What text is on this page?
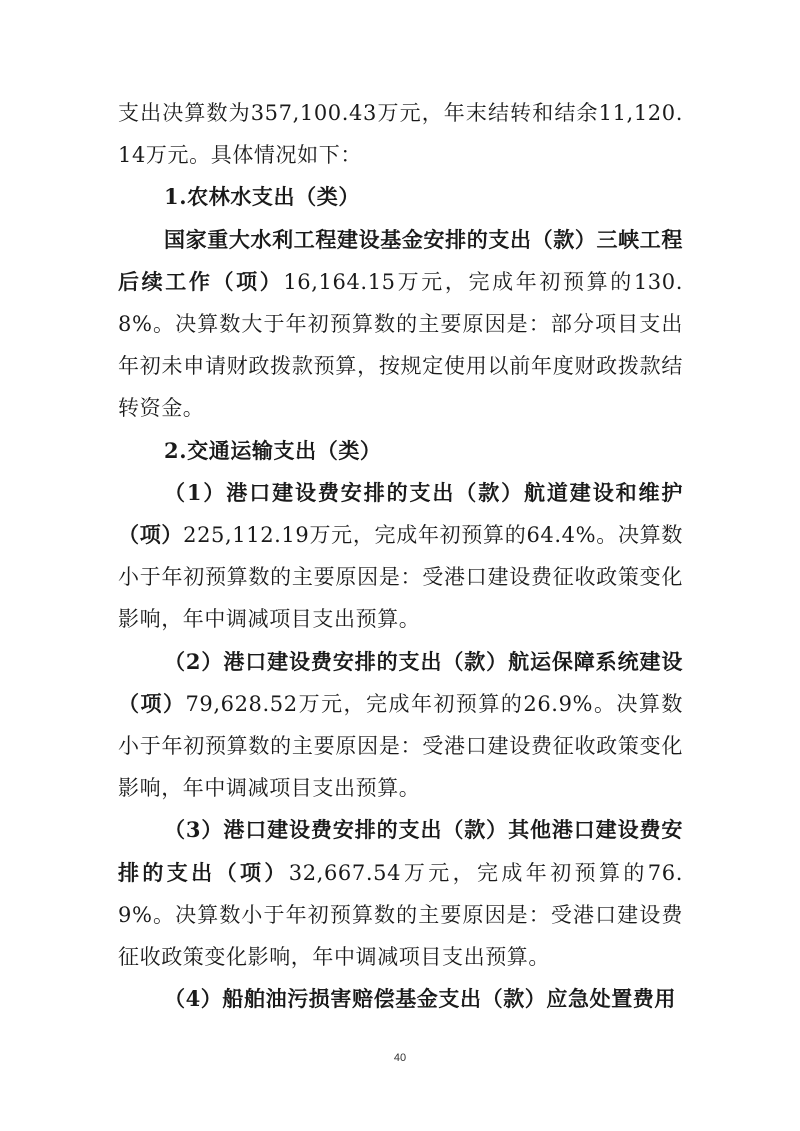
支出决算数为357,100.43万元，年末结转和结余11,120.14万元。具体情况如下：

1.农林水支出（类）

国家重大水利工程建设基金安排的支出（款）三峡工程后续工作（项）16,164.15万元，完成年初预算的130.8%。决算数大于年初预算数的主要原因是：部分项目支出年初未申请财政拨款预算，按规定使用以前年度财政拨款结转资金。

2.交通运输支出（类）

（1）港口建设费安排的支出（款）航道建设和维护（项）225,112.19万元，完成年初预算的64.4%。决算数小于年初预算数的主要原因是：受港口建设费征收政策变化影响，年中调减项目支出预算。

（2）港口建设费安排的支出（款）航运保障系统建设（项）79,628.52万元，完成年初预算的26.9%。决算数小于年初预算数的主要原因是：受港口建设费征收政策变化影响，年中调减项目支出预算。

（3）港口建设费安排的支出（款）其他港口建设费安排的支出（项）32,667.54万元，完成年初预算的76.9%。决算数小于年初预算数的主要原因是：受港口建设费征收政策变化影响，年中调减项目支出预算。

（4）船舶油污损害赔偿基金支出（款）应急处置费用

40
